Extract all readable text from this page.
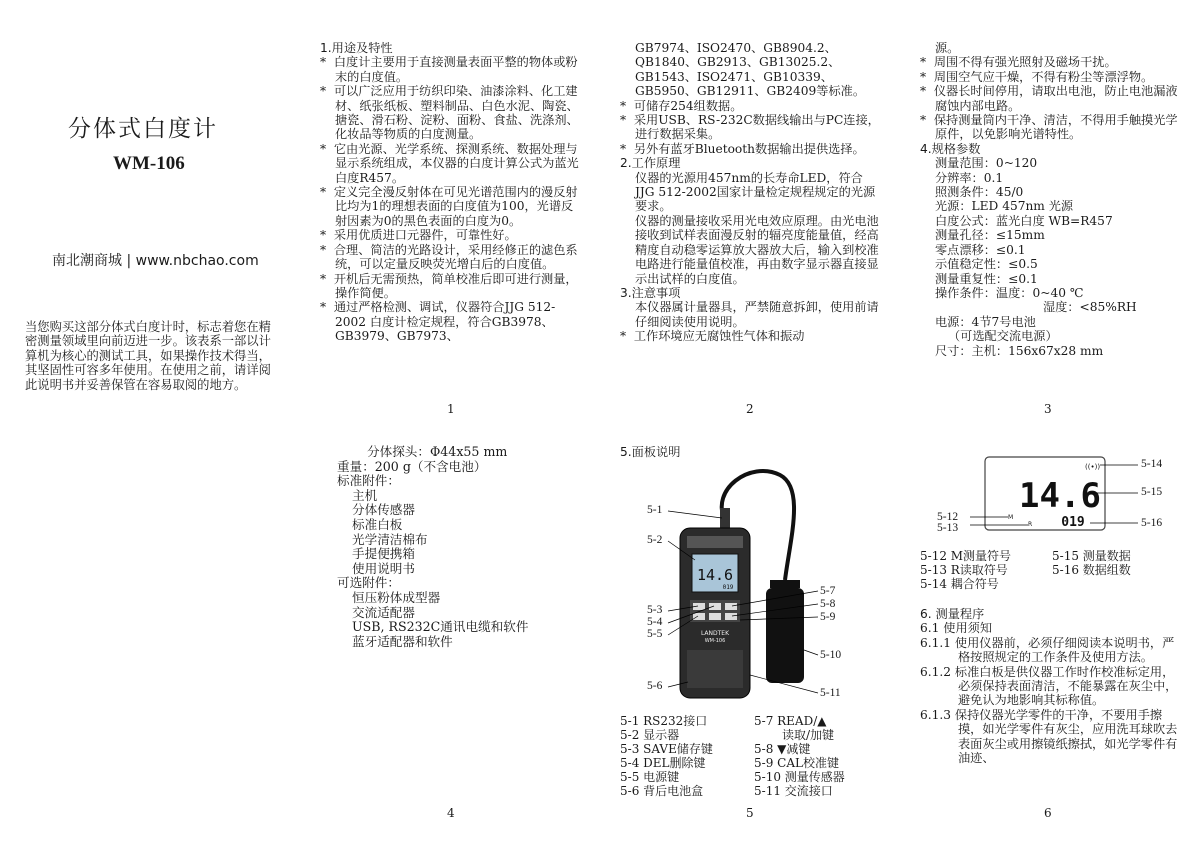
分体式白度计
WM-106
南北潮商城 | www.nbchao.com
当您购买这部分体式白度计时，标志着您在精密测量领域里向前迈进一步。该表系一部以计算机为核心的测试工具，如果操作技术得当，其坚固性可容多年使用。在使用之前，请详阅此说明书并妥善保管在容易取阅的地方。

1.用途及特性

* 白度计主要用于直接测量表面平整的物体或粉末的白度值。

* 可以广泛应用于纺织印染、油漆涂料、化工建材、纸张纸板、塑料制品、白色水泥、陶瓷、搪瓷、滑石粉、淀粉、面粉、食盐、洗涤剂、化妆品等物质的白度测量。

* 它由光源、光学系统、探测系统、数据处理与显示系统组成，本仪器的白度计算公式为蓝光白度R457。

* 定义完全漫反射体在可见光谱范围内的漫反射比均为1的理想表面的白度值为100，光谱反射因素为0的黑色表面的白度为0。

* 采用优质进口元器件，可靠性好。

* 合理、简洁的光路设计，采用经修正的滤色系统，可以定量反映荧光增白后的白度值。

* 开机后无需预热，简单校准后即可进行测量，操作简便。

* 通过严格检测、调试，仪器符合JJG 512-2002 白度计检定规程，符合GB3978、GB3979、GB7973、

1

GB7974、ISO2470、GB8904.2、QB1840、GB2913、GB13025.2、GB1543、ISO2471、GB10339、GB5950、GB12911、GB2409等标准。

* 可储存254组数据。

* 采用USB、RS-232C数据线输出与PC连接，进行数据采集。

* 另外有蓝牙Bluetooth数据输出提供选择。

2.工作原理

仪器的光源用457nm的长寿命LED，符合JJG 512-2002国家计量检定规程规定的光源要求。

仪器的测量接收采用光电效应原理。由光电池接收到试样表面漫反射的辐亮度能量值，经高精度自动稳零运算放大器放大后，输入到校准电路进行能量值校准，再由数字显示器直接显示出试样的白度值。

3.注意事项

本仪器属计量器具，严禁随意拆卸，使用前请仔细阅读使用说明。

* 工作环境应无腐蚀性气体和振动

2

源。

* 周围不得有强光照射及磁场干扰。

* 周围空气应干燥，不得有粉尘等漂浮物。

* 仪器长时间停用，请取出电池，防止电池漏液腐蚀内部电路。

* 保持测量筒内干净、清洁，不得用手触摸光学原件，以免影响光谱特性。

4.规格参数

测量范围：0~120

分辨率：0.1

照测条件：45/0

光源：LED 457nm 光源

白度公式：蓝光白度 WB=R457

测量孔径：≤15mm

零点漂移：≤0.1

示值稳定性：≤0.5

测量重复性：≤0.1

操作条件：温度：0~40 ℃

湿度：<85%RH

电源：4节7号电池

（可选配交流电源）

尺寸：主机：156x67x28 mm

3

分体探头：Φ44x55 mm

重量：200 g（不含电池）

标准附件：

主机

分体传感器

标准白板

光学清洁棉布

手提便携箱

使用说明书

可选附件：

恒压粉体成型器

交流适配器

USB, RS232C通讯电缆和软件

蓝牙适配器和软件

4
5.面板说明
14.6
019
LANDTEK
WM-106
5-1
5-2
5-3
5-4
5-5
5-6
5-7
5-8
5-9
5-10
5-11

5-1 RS232接口

5-2 显示器

5-3 SAVE储存键

5-4 DEL删除键

5-5 电源键

5-6 背后电池盒

5-7 READ/▲

读取/加键

5-8 ▼减键

5-9 CAL校准键

5-10 测量传感器

5-11 交流接口

5
14.6
019
M
R
((•))	5-14
5-15
5-12
5-13	5-16

5-12 M测量符号

5-13 R读取符号

5-14 耦合符号

5-15 测量数据

5-16 数据组数

6. 测量程序

6.1 使用须知

6.1.1 使用仪器前，必须仔细阅读本说明书，严格按照规定的工作条件及使用方法。

6.1.2 标准白板是供仪器工作时作校准标定用，必须保持表面清洁，不能暴露在灰尘中，避免认为地影响其标称值。

6.1.3 保持仪器光学零件的干净，不要用手擦摸，如光学零件有灰尘，应用洗耳球吹去表面灰尘或用擦镜纸擦拭，如光学零件有油迹、

6
